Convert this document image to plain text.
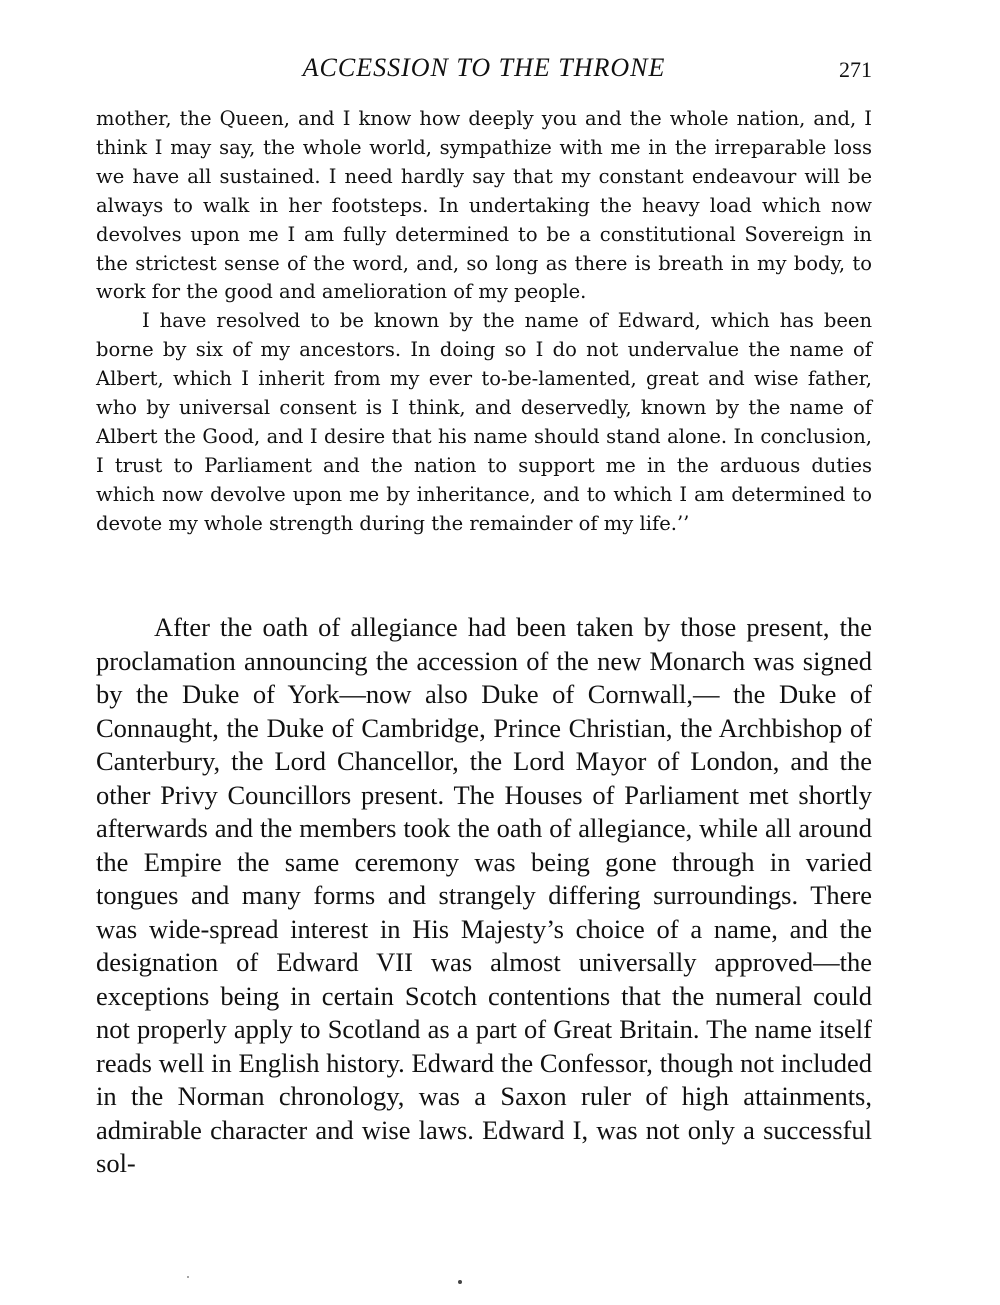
ACCESSION TO THE THRONE	271

mother, the Queen, and I know how deeply you and the whole nation, and, I think I may say, the whole world, sympathize with me in the irreparable loss we have all sustained. I need hardly say that my constant endeavour will be always to walk in her footsteps. In undertaking the heavy load which now devolves upon me I am fully determined to be a constitutional Sovereign in the strictest sense of the word, and, so long as there is breath in my body, to work for the good and amelioration of my people.

I have resolved to be known by the name of Edward, which has been borne by six of my ancestors. In doing so I do not undervalue the name of Albert, which I inherit from my ever to-be-lamented, great and wise father, who by universal consent is I think, and deservedly, known by the name of Albert the Good, and I desire that his name should stand alone. In conclusion, I trust to Parliament and the nation to support me in the arduous duties which now devolve upon me by inheritance, and to which I am determined to devote my whole strength during the remainder of my life.’’

After the oath of allegiance had been taken by those present, the proclamation announcing the accession of the new Monarch was signed by the Duke of York—now also Duke of Cornwall,— the Duke of Connaught, the Duke of Cambridge, Prince Christian, the Archbishop of Canterbury, the Lord Chancellor, the Lord Mayor of London, and the other Privy Councillors present. The Houses of Parliament met shortly afterwards and the members took the oath of allegiance, while all around the Empire the same ceremony was being gone through in varied tongues and many forms and strangely differing surroundings. There was wide-spread interest in His Majesty’s choice of a name, and the designation of Edward VII was almost universally approved—the exceptions being in certain Scotch contentions that the numeral could not properly apply to Scotland as a part of Great Britain. The name itself reads well in English history. Edward the Confessor, though not included in the Norman chronology, was a Saxon ruler of high attainments, admirable character and wise laws. Edward I, was not only a successful sol-
